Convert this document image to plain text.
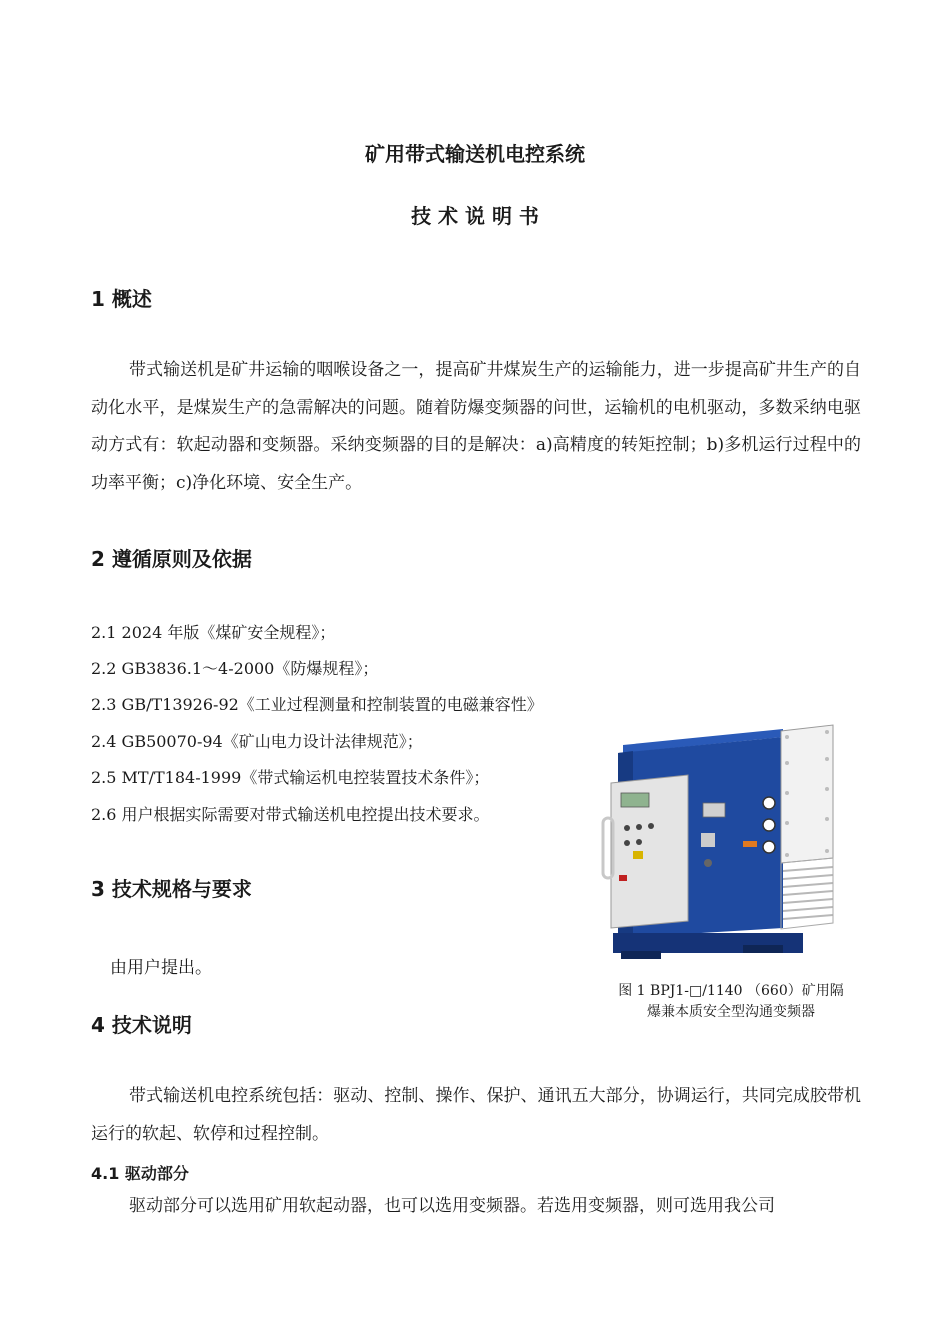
矿用带式输送机电控系统
技 术 说 明 书
1 概述
带式输送机是矿井运输的咽喉设备之一，提高矿井煤炭生产的运输能力，进一步提高矿井生产的自动化水平，是煤炭生产的急需解决的问题。随着防爆变频器的问世，运输机的电机驱动，多数采纳电驱动方式有：软起动器和变频器。采纳变频器的目的是解决：a)高精度的转矩控制；b)多机运行过程中的功率平衡；c)净化环境、安全生产。
2 遵循原则及依据
2.1 2024 年版《煤矿安全规程》；
2.2 GB3836.1～4-2000《防爆规程》；
2.3 GB/T13926-92《工业过程测量和控制装置的电磁兼容性》
2.4 GB50070-94《矿山电力设计法律规范》；
2.5 MT/T184-1999《带式输运机电控装置技术条件》；
2.6 用户根据实际需要对带式输送机电控提出技术要求。
3 技术规格与要求
由用户提出。
图 1 BPJ1-□/1140 （660）矿用隔
爆兼本质安全型沟通变频器
4 技术说明
带式输送机电控系统包括：驱动、控制、操作、保护、通讯五大部分，协调运行，共同完成胶带机运行的软起、软停和过程控制。
4.1 驱动部分
驱动部分可以选用矿用软起动器，也可以选用变频器。若选用变频器，则可选用我公司
